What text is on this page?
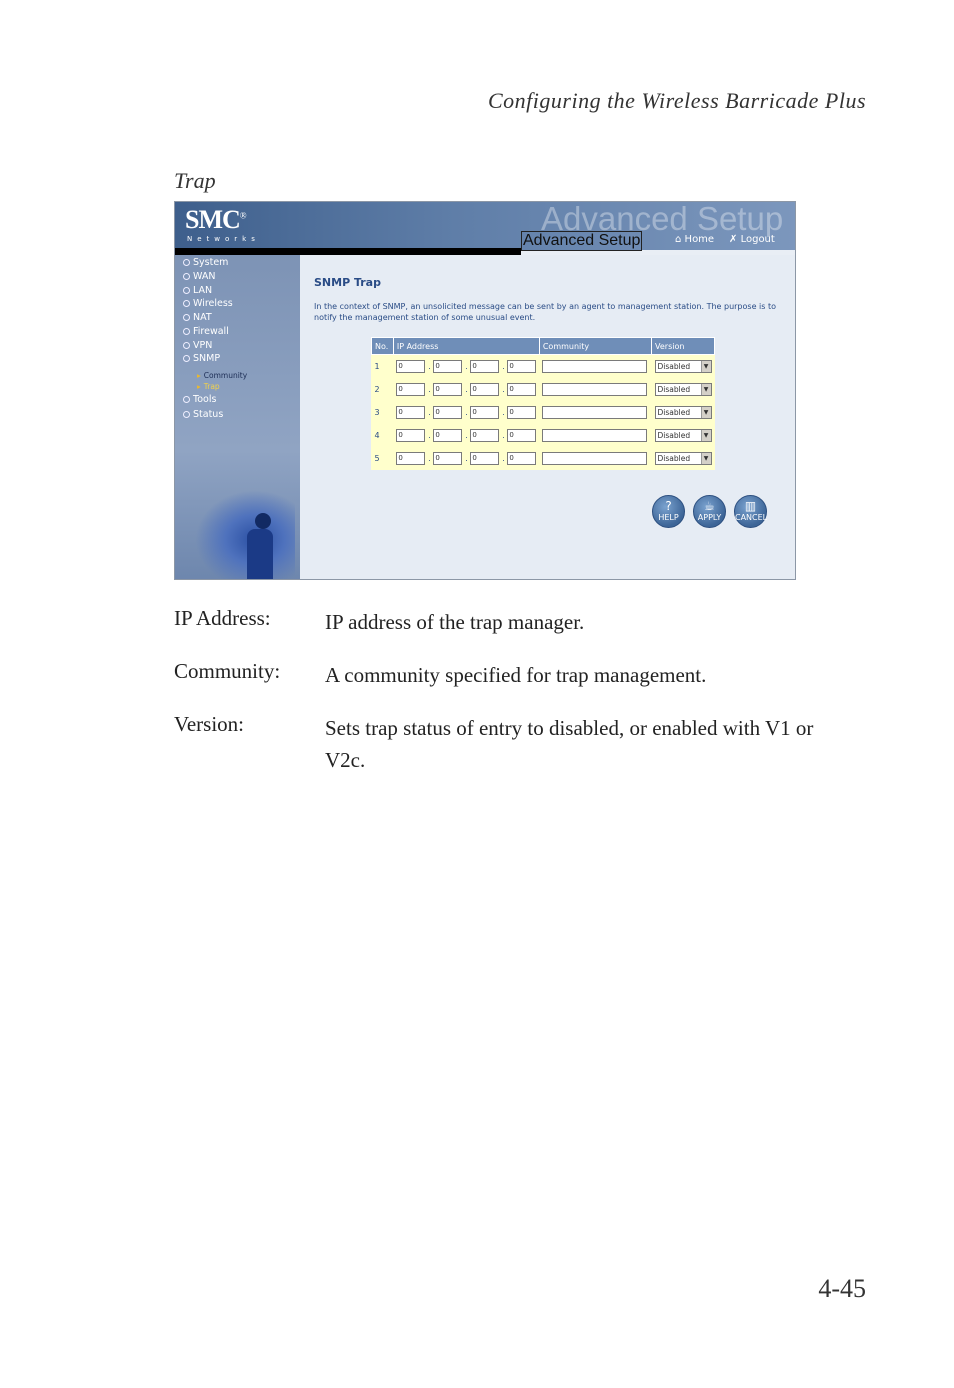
Configuring the Wireless Barricade Plus
Trap
Advanced Setup
SMC®
Networks	Advanced Setup	⌂ Home ✗ Logout
System
WAN
LAN
Wireless
NAT
Firewall
VPN
SNMP
▸ Community
▸ Trap
Tools
Status
SNMP Trap
In the context of SNMP, an unsolicited message can be sent by an agent to management station. The purpose is to notify the management station of some unusual event.
No.	IP Address	Community	Version
1	0 . 0 . 0 . 0		Disabled ▼

2	0 . 0 . 0 . 0		Disabled ▼

3	0 . 0 . 0 . 0		Disabled ▼

4	0 . 0 . 0 . 0		Disabled ▼

5	0 . 0 . 0 . 0		Disabled ▼
?
HELP
☕
APPLY
▥
CANCEL
IP Address:	IP address of the trap manager.
Community: A community specified for trap management.
Version:	Sets trap status of entry to disabled, or enabled with V1 or V2c.
4-45
